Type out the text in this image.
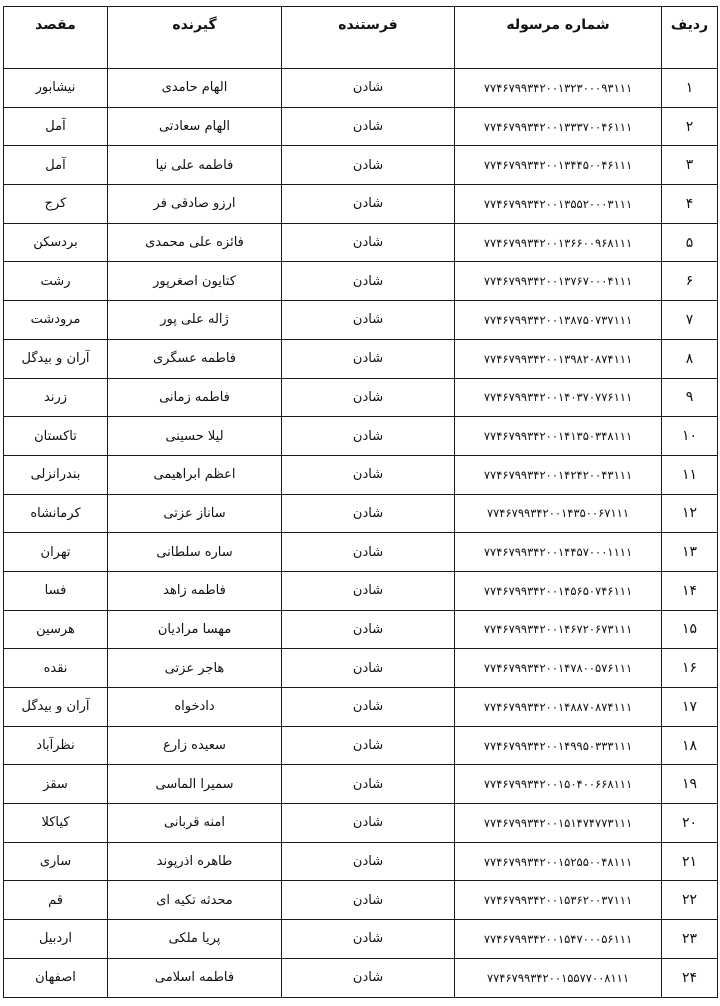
ردیف	شماره مرسوله	فرستنده	گیرنده	مقصد
۱	۷۷۴۶۷۹۹۳۴۲۰۰۱۳۲۳۰۰۰۹۳۱۱۱	شادن	الهام حامدی	نیشابور
۲	۷۷۴۶۷۹۹۳۴۲۰۰۱۳۳۳۷۰۰۴۶۱۱۱	شادن	الهام سعادتی	آمل
۳	۷۷۴۶۷۹۹۳۴۲۰۰۱۳۴۴۵۰۰۴۶۱۱۱	شادن	فاطمه علی نیا	آمل
۴	۷۷۴۶۷۹۹۳۴۲۰۰۱۳۵۵۲۰۰۰۳۱۱۱	شادن	ارزو صادقی فر	کرج
۵	۷۷۴۶۷۹۹۳۴۲۰۰۱۳۶۶۰۰۹۶۸۱۱۱	شادن	فائزه علی محمدی	بردسکن
۶	۷۷۴۶۷۹۹۳۴۲۰۰۱۳۷۶۷۰۰۰۴۱۱۱	شادن	کتایون اصغرپور	رشت
۷	۷۷۴۶۷۹۹۳۴۲۰۰۱۳۸۷۵۰۷۳۷۱۱۱	شادن	ژاله علی پور	مرودشت
۸	۷۷۴۶۷۹۹۳۴۲۰۰۱۳۹۸۲۰۸۷۴۱۱۱	شادن	فاطمه عسگری	آران و بیدگل
۹	۷۷۴۶۷۹۹۳۴۲۰۰۱۴۰۳۷۰۷۷۶۱۱۱	شادن	فاطمه زمانی	زرند
۱۰	۷۷۴۶۷۹۹۳۴۲۰۰۱۴۱۳۵۰۳۴۸۱۱۱	شادن	لیلا حسینی	تاکستان
۱۱	۷۷۴۶۷۹۹۳۴۲۰۰۱۴۲۴۲۰۰۴۳۱۱۱	شادن	اعظم ابراهیمی	بندرانزلی
۱۲	۷۷۴۶۷۹۹۳۴۲۰۰۱۴۳۵۰۰۶۷۱۱۱	شادن	ساناز عزتی	کرمانشاه
۱۳	۷۷۴۶۷۹۹۳۴۲۰۰۱۴۴۵۷۰۰۰۱۱۱۱	شادن	ساره سلطانی	تهران
۱۴	۷۷۴۶۷۹۹۳۴۲۰۰۱۴۵۶۵۰۷۴۶۱۱۱	شادن	فاطمه زاهد	فسا
۱۵	۷۷۴۶۷۹۹۳۴۲۰۰۱۴۶۷۲۰۶۷۳۱۱۱	شادن	مهسا مرادیان	هرسین
۱۶	۷۷۴۶۷۹۹۳۴۲۰۰۱۴۷۸۰۰۵۷۶۱۱۱	شادن	هاجر عزتی	نقده
۱۷	۷۷۴۶۷۹۹۳۴۲۰۰۱۴۸۸۷۰۸۷۴۱۱۱	شادن	دادخواه	آران و بیدگل
۱۸	۷۷۴۶۷۹۹۳۴۲۰۰۱۴۹۹۵۰۳۳۳۱۱۱	شادن	سعیده زارع	نظرآباد
۱۹	۷۷۴۶۷۹۹۳۴۲۰۰۱۵۰۴۰۰۶۶۸۱۱۱	شادن	سمیرا الماسی	سقز
۲۰	۷۷۴۶۷۹۹۳۴۲۰۰۱۵۱۴۷۴۷۷۳۱۱۱	شادن	امنه قربانی	کیاکلا
۲۱	۷۷۴۶۷۹۹۳۴۲۰۰۱۵۲۵۵۰۰۴۸۱۱۱	شادن	طاهره اذرپوند	ساری
۲۲	۷۷۴۶۷۹۹۳۴۲۰۰۱۵۳۶۲۰۰۳۷۱۱۱	شادن	محدثه تکیه ای	قم
۲۳	۷۷۴۶۷۹۹۳۴۲۰۰۱۵۴۷۰۰۰۵۶۱۱۱	شادن	پریا ملکی	اردبیل
۲۴	۷۷۴۶۷۹۹۳۴۲۰۰۱۵۵۷۷۰۰۸۱۱۱	شادن	فاطمه اسلامی	اصفهان
